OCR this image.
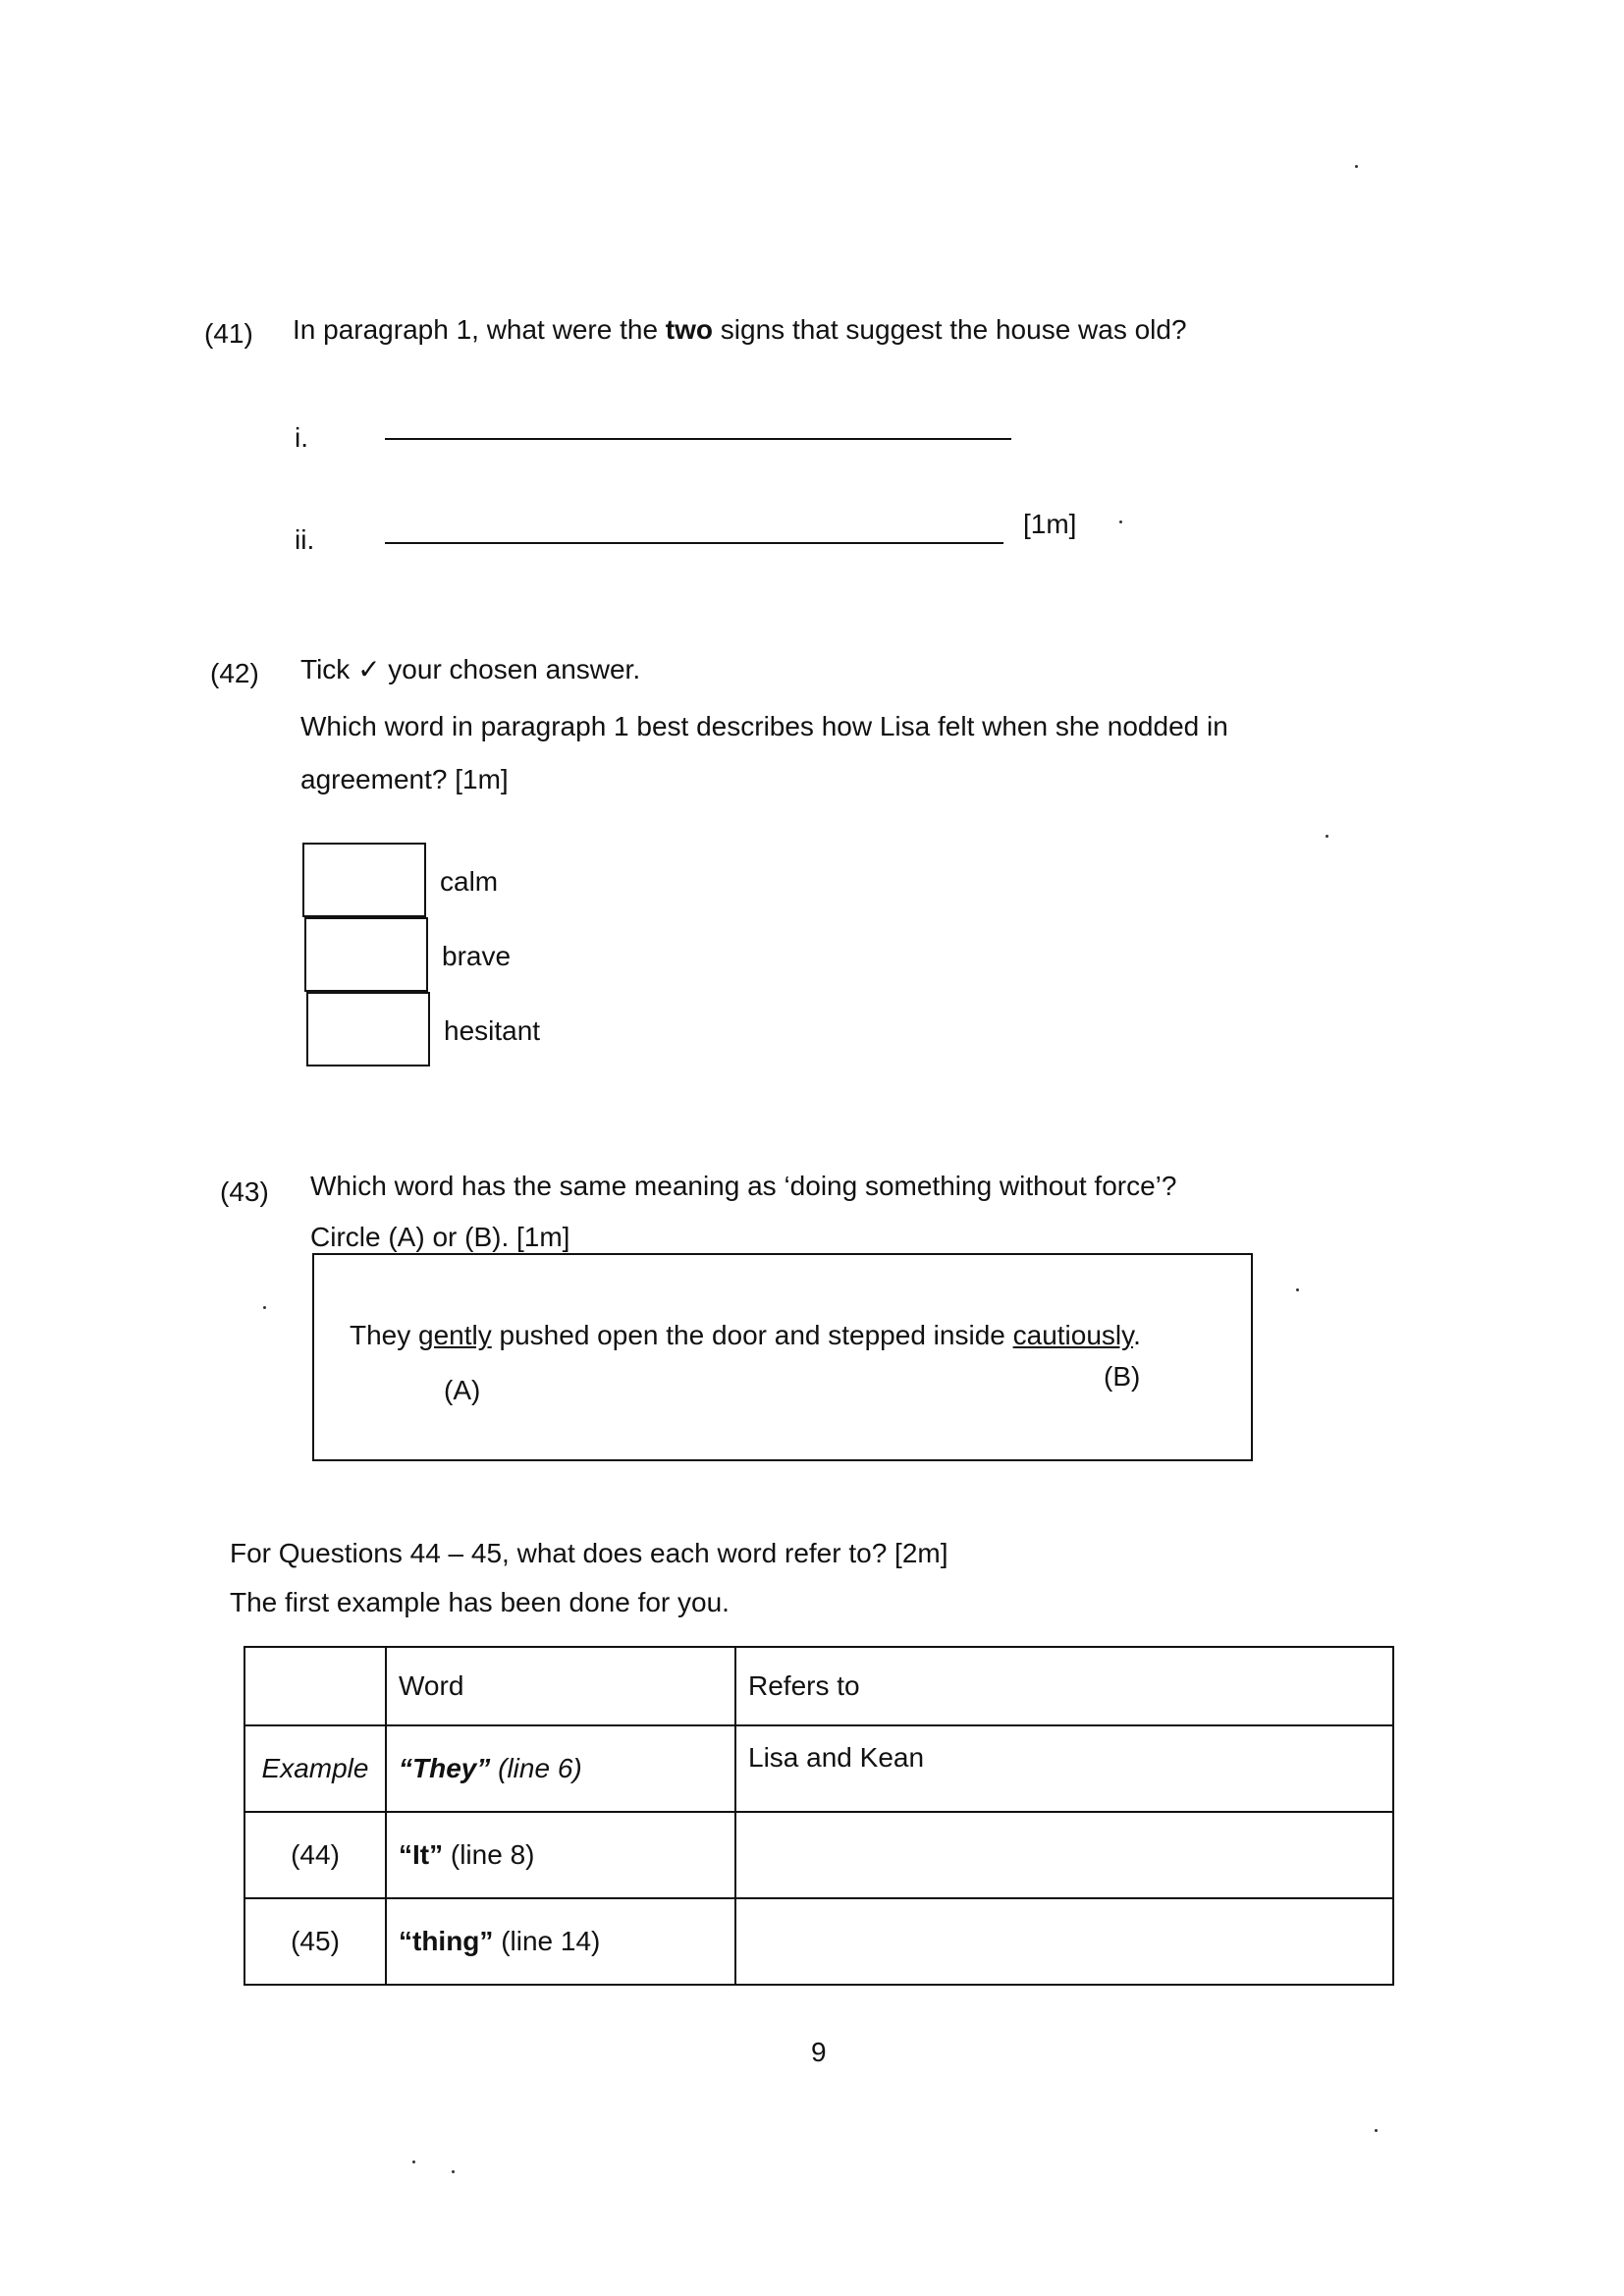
(41) In paragraph 1, what were the two signs that suggest the house was old?
i.
ii.
[1m]
(42) Tick ✓ your chosen answer.
Which word in paragraph 1 best describes how Lisa felt when she nodded in
agreement? [1m]
calm
brave
hesitant
(43) Which word has the same meaning as ‘doing something without force’?
Circle (A) or (B). [1m]
They gently pushed open the door and stepped inside cautiously.
(A)	(B)
For Questions 44 – 45, what does each word refer to? [2m]
The first example has been done for you.
	Word	Refers to
Example	“They” (line 6)	Lisa and Kean
(44)	“It” (line 8)	
(45)	“thing” (line 14)	
9
